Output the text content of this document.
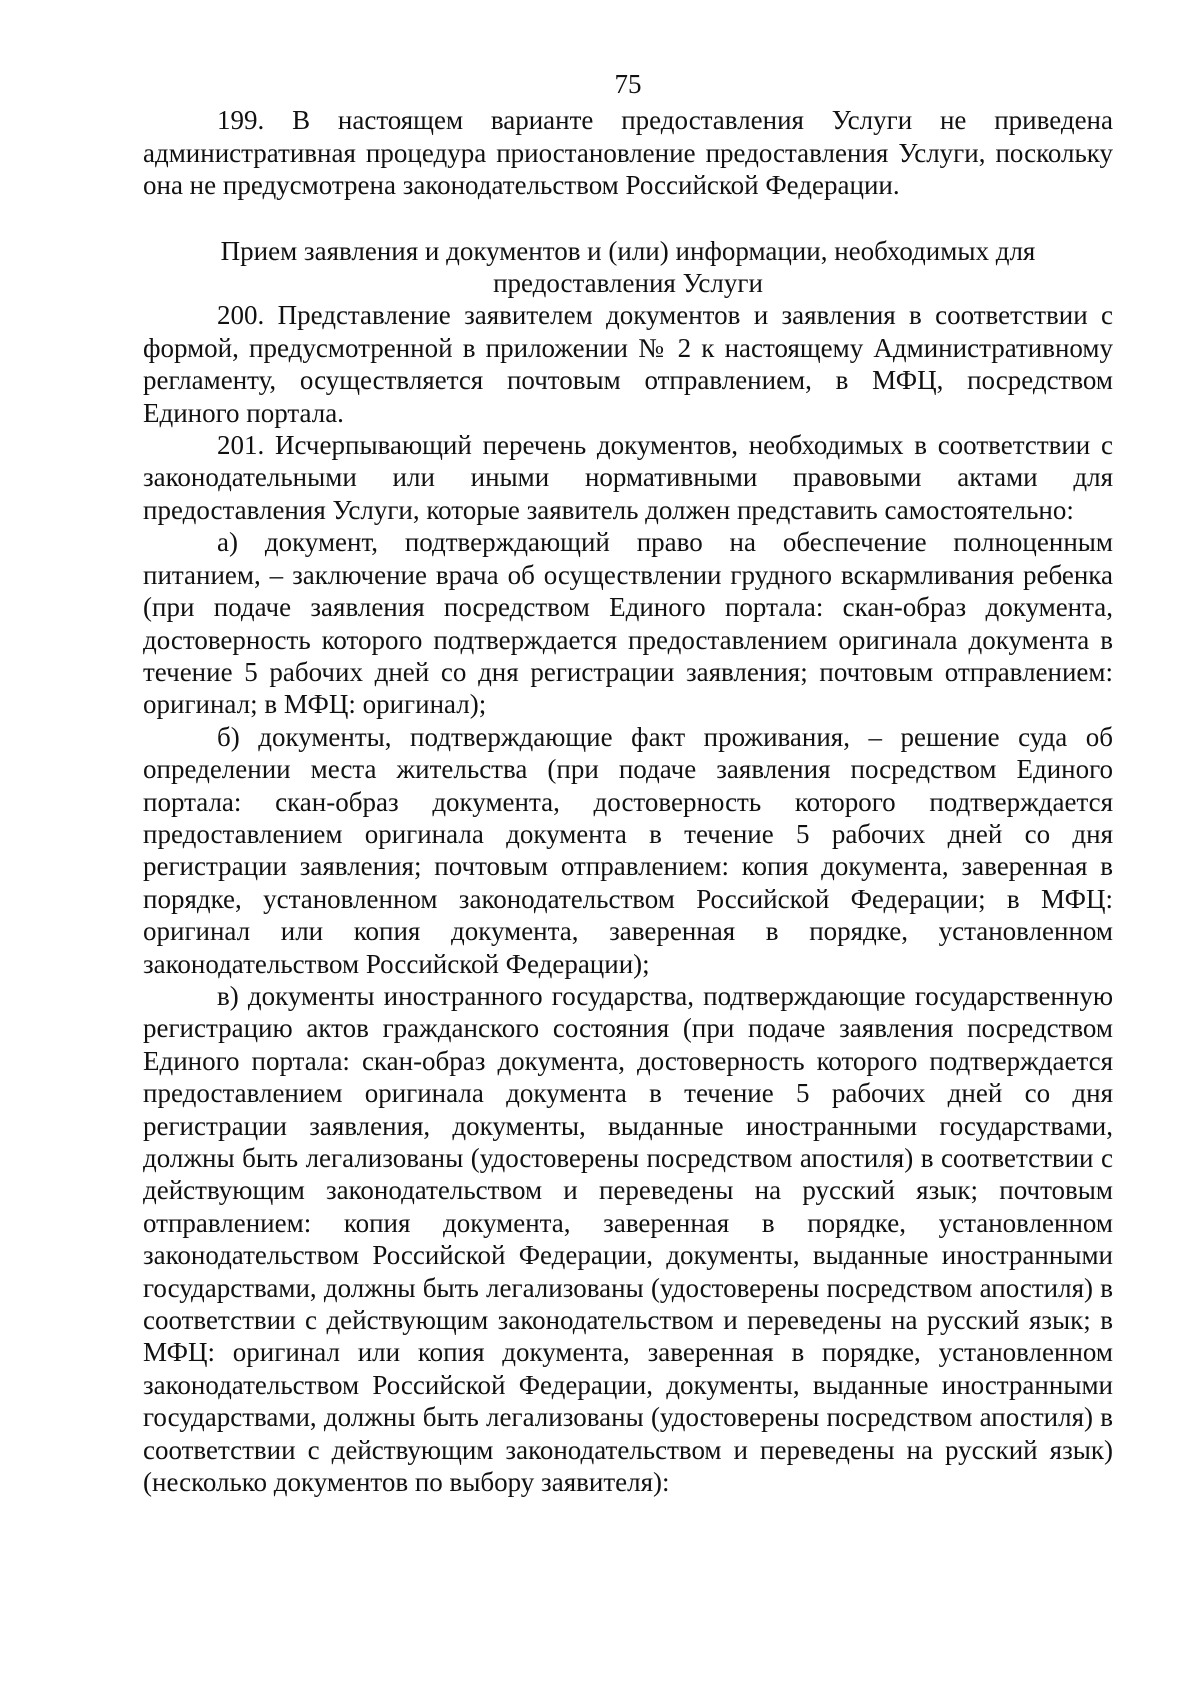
75

199. В настоящем варианте предоставления Услуги не приведена административная процедура приостановление предоставления Услуги, поскольку она не предусмотрена законодательством Российской Федерации.

Прием заявления и документов и (или) информации, необходимых для предоставления Услуги

200. Представление заявителем документов и заявления в соответствии с формой, предусмотренной в приложении № 2 к настоящему Административному регламенту, осуществляется почтовым отправлением, в МФЦ, посредством Единого портала.

201. Исчерпывающий перечень документов, необходимых в соответствии с законодательными или иными нормативными правовыми актами для предоставления Услуги, которые заявитель должен представить самостоятельно:

а) документ, подтверждающий право на обеспечение полноценным питанием, – заключение врача об осуществлении грудного вскармливания ребенка (при подаче заявления посредством Единого портала: скан-образ документа, достоверность которого подтверждается предоставлением оригинала документа в течение 5 рабочих дней со дня регистрации заявления; почтовым отправлением: оригинал; в МФЦ: оригинал);

б) документы, подтверждающие факт проживания, – решение суда об определении места жительства (при подаче заявления посредством Единого портала: скан-образ документа, достоверность которого подтверждается предоставлением оригинала документа в течение 5 рабочих дней со дня регистрации заявления; почтовым отправлением: копия документа, заверенная в порядке, установленном законодательством Российской Федерации; в МФЦ: оригинал или копия документа, заверенная в порядке, установленном законодательством Российской Федерации);

в) документы иностранного государства, подтверждающие государственную регистрацию актов гражданского состояния (при подаче заявления посредством Единого портала: скан-образ документа, достоверность которого подтверждается предоставлением оригинала документа в течение 5 рабочих дней со дня регистрации заявления, документы, выданные иностранными государствами, должны быть легализованы (удостоверены посредством апостиля) в соответствии с действующим законодательством и переведены на русский язык; почтовым отправлением: копия документа, заверенная в порядке, установленном законодательством Российской Федерации, документы, выданные иностранными государствами, должны быть легализованы (удостоверены посредством апостиля) в соответствии с действующим законодательством и переведены на русский язык; в МФЦ: оригинал или копия документа, заверенная в порядке, установленном законодательством Российской Федерации, документы, выданные иностранными государствами, должны быть легализованы (удостоверены посредством апостиля) в соответствии с действующим законодательством и переведены на русский язык) (несколько документов по выбору заявителя):
